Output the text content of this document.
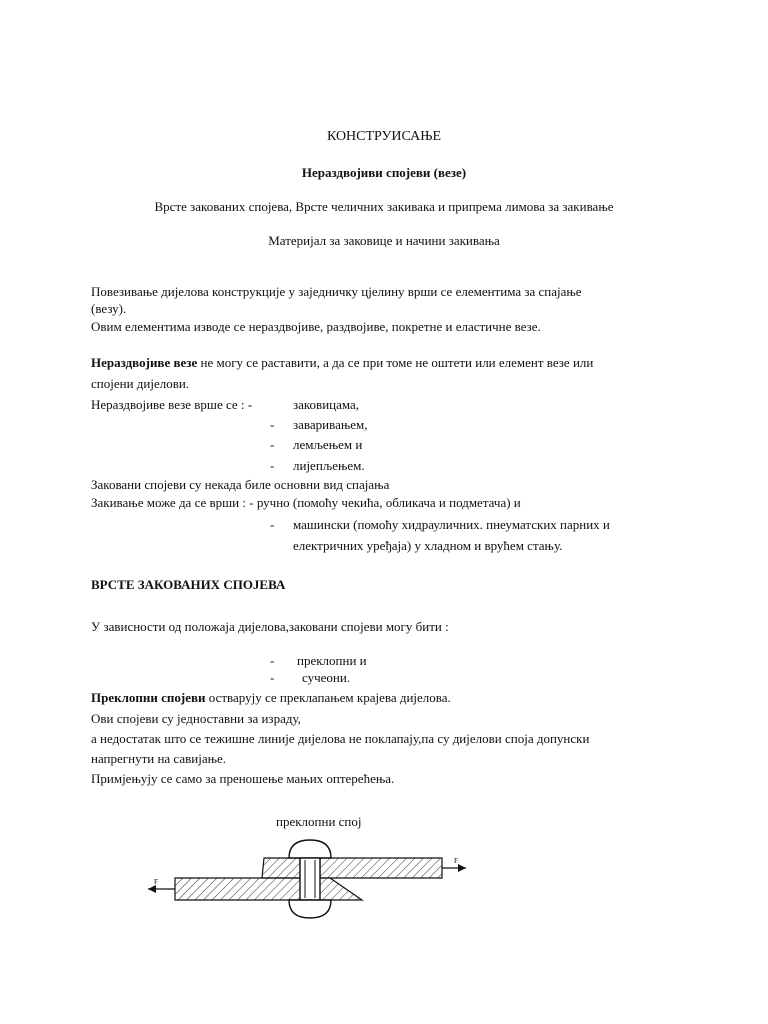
КОНСТРУИСАЊЕ
Нераздвојиви спојеви (везе)
Врсте закованих спојева, Врсте челичних закивака и припрема лимова за закивање
Материјал за заковице и начини закивања
Повезивање дијелова конструкције у заједничку цјелину врши се елементима за спајање
(везу).
Овим елементима изводе се нераздвојиве, раздвојиве, покретне и еластичне везе.
Нераздвојиве везе не могу се раставити, а да се при томе не оштети или елемент везе или
спојени дијелови.
Нераздвојиве везе врше се : -	заковицама,
- заваривањем,
- лемљењем и
- лијепљењем.
Заковани спојеви су некада биле основни вид спајања
Закивање може да се врши : - ручно (помоћу чекића, обликача и подметача) и
- машински (помоћу хидрауличних. пнеуматских парних и
електричних уређаја) у хладном и врућем стању.
ВРСТЕ ЗАКОВАНИХ СПОЈЕВА
У зависности од положаја дијелова,заковани спојеви могу бити :
- преклопни и
- сучеони.
Преклопни спојеви остварују се преклапањем крајева дијелова.
Ови спојеви су једноставни за израду,
а недостатак што се тежишне линије дијелова не поклапају,па су дијелови споја допунски
напрегнути на савијање.
Примјењују се само за преношење мањих оптерећења.
преклопни спој
F
F
